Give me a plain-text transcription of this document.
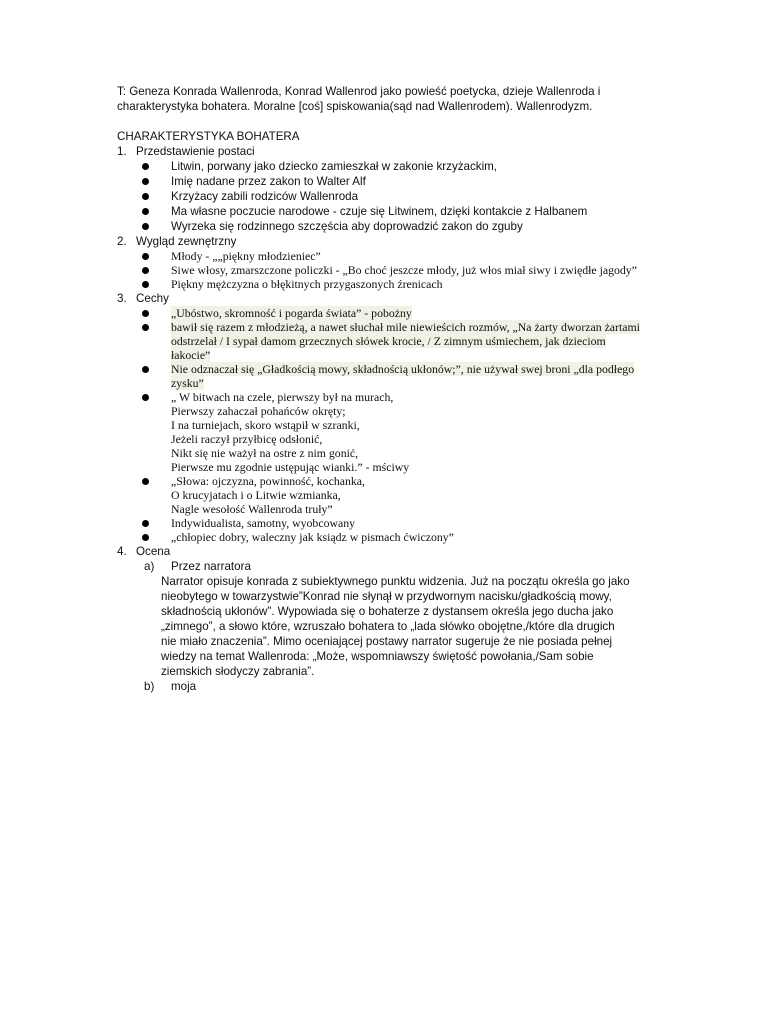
T: Geneza Konrada Wallenroda, Konrad Wallenrod jako powieść poetycka, dzieje Wallenroda i charakterystyka bohatera. Moralne [coś] spiskowania(sąd nad Wallenrodem). Wallenrodyzm.

CHARAKTERYSTYKA BOHATERA

1. Przedstawienie postaci
Litwin, porwany jako dziecko zamieszkał w zakonie krzyżackim,
Imię nadane przez zakon to Walter Alf
Krzyżacy zabili rodziców Wallenroda
Ma własne poczucie narodowe - czuje się Litwinem, dzięki kontakcie z Halbanem
Wyrzeka się rodzinnego szczęścia aby doprowadzić zakon do zguby
2. Wygląd zewnętrzny
Młody - „„piękny młodzieniec”
Siwe włosy, zmarszczone policzki - „Bo choć jeszcze młody, już włos miał siwy i zwiędłe jagody”
Piękny mężczyzna o błękitnych przygaszonych źrenicach
3. Cechy
„Ubóstwo, skromność i pogarda świata” - pobożny
bawił się razem z młodzieżą, a nawet słuchał mile niewieścich rozmów, „Na żarty dworzan żartami odstrzelał / I sypał damom grzecznych słówek krocie, / Z zimnym uśmiechem, jak dzieciom łakocie”
Nie odznaczał się „Gładkością mowy, składnością ukłonów;”, nie używał swej broni „dla podłego zysku”
„ W bitwach na czele, pierwszy był na murach,
Pierwszy zahaczał pohańców okręty;
I na turniejach, skoro wstąpił w szranki,
Jeżeli raczył przyłbicę odsłonić,
Nikt się nie ważył na ostre z nim gonić,
Pierwsze mu zgodnie ustępując wianki.” - mściwy
„Słowa: ojczyzna, powinność, kochanka,
O krucyjatach i o Litwie wzmianka,
Nagle wesołość Wallenroda truły”
Indywidualista, samotny, wyobcowany
„chłopiec dobry, waleczny jak ksiądz w pismach ćwiczony”
4. Ocena
a) Przez narratora
Narrator opisuje konrada z subiektywnego punktu widzenia. Już na początu określa go jako
nieobytego w towarzystwie”Konrad nie słynął w przydwornym nacisku/gładkością mowy,
składnością ukłonów”. Wypowiada się o bohaterze z dystansem określa jego ducha jako
„zimnego”, a słowo które, wzruszało bohatera to „lada słówko obojętne,/które dla drugich
nie miało znaczenia”. Mimo oceniającej postawy narrator sugeruje że nie posiada pełnej
wiedzy na temat Wallenroda: „Może, wspomniawszy świętość powołania,/Sam sobie
ziemskich słodyczy zabrania”.
b) moja
